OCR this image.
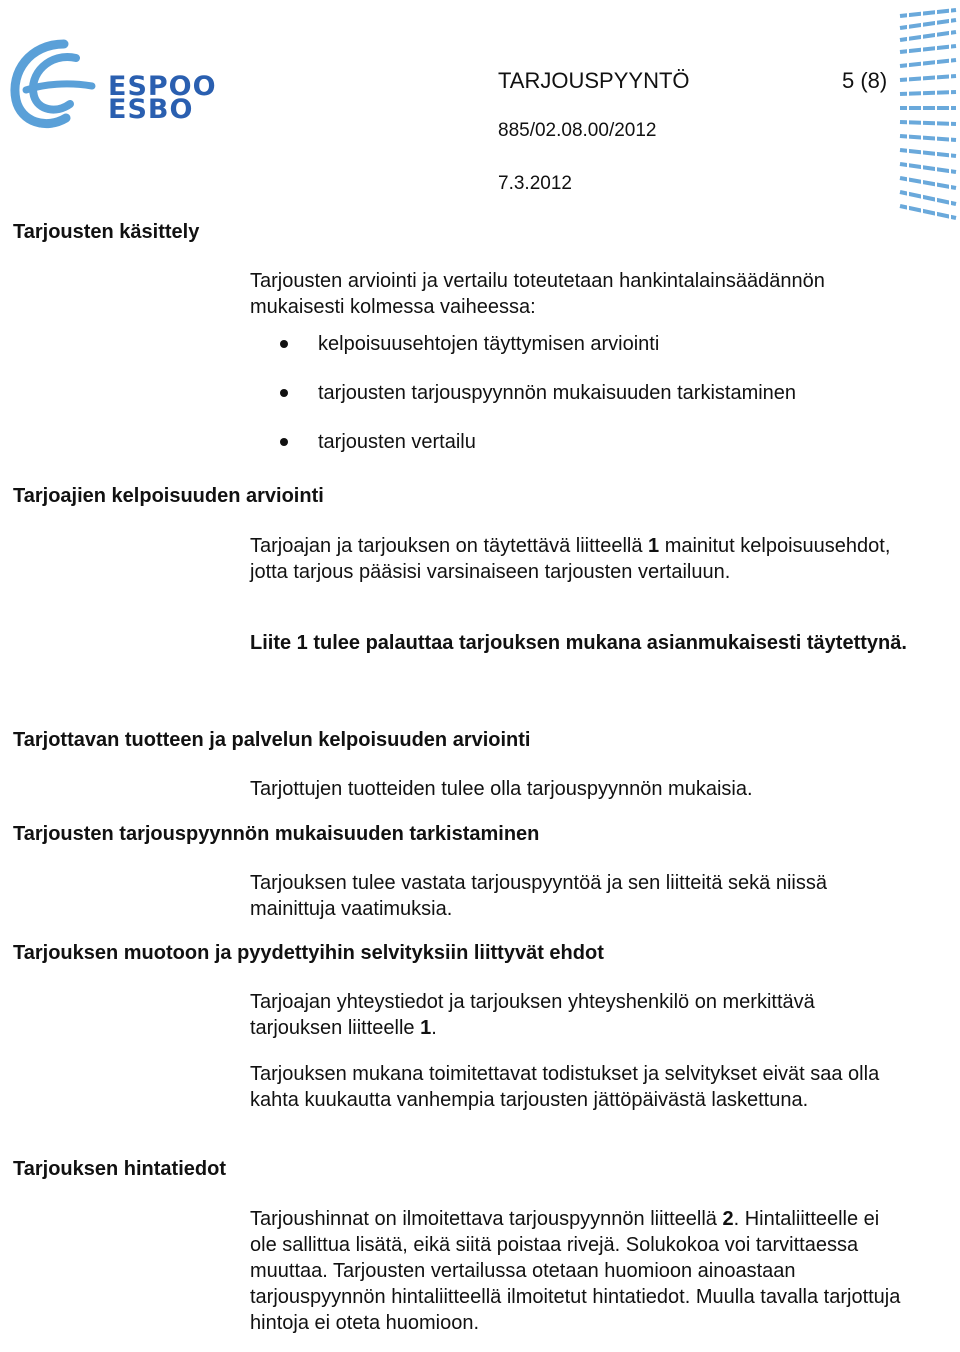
ESPOO
ESBO
TARJOUSPYYNTÖ	5 (8)
885/02.08.00/2012
7.3.2012
Tarjousten käsittely
Tarjousten arviointi ja vertailu toteutetaan hankintalainsäädännön mukaisesti kolmessa vaiheessa:
kelpoisuusehtojen täyttymisen arviointi
tarjousten tarjouspyynnön mukaisuuden tarkistaminen
tarjousten vertailu
Tarjoajien kelpoisuuden arviointi
Tarjoajan ja tarjouksen on täytettävä liitteellä 1 mainitut kelpoisuusehdot, jotta tarjous pääsisi varsinaiseen tarjousten vertailuun.
Liite 1 tulee palauttaa tarjouksen mukana asianmukaisesti täytettynä.
Tarjottavan tuotteen ja palvelun kelpoisuuden arviointi
Tarjottujen tuotteiden tulee olla tarjouspyynnön mukaisia.
Tarjousten tarjouspyynnön mukaisuuden tarkistaminen
Tarjouksen tulee vastata tarjouspyyntöä ja sen liitteitä sekä niissä mainittuja vaatimuksia.
Tarjouksen muotoon ja pyydettyihin selvityksiin liittyvät ehdot
Tarjoajan yhteystiedot ja tarjouksen yhteyshenkilö on merkittävä tarjouksen liitteelle 1.
Tarjouksen mukana toimitettavat todistukset ja selvitykset eivät saa olla kahta kuukautta vanhempia tarjousten jättöpäivästä laskettuna.
Tarjouksen hintatiedot
Tarjoushinnat on ilmoitettava tarjouspyynnön liitteellä 2. Hintaliitteelle ei ole sallittua lisätä, eikä siitä poistaa rivejä. Solukokoa voi tarvittaessa muuttaa. Tarjousten vertailussa otetaan huomioon ainoastaan tarjouspyynnön hintaliitteellä ilmoitetut hintatiedot. Muulla tavalla tarjottuja hintoja ei oteta huomioon.
